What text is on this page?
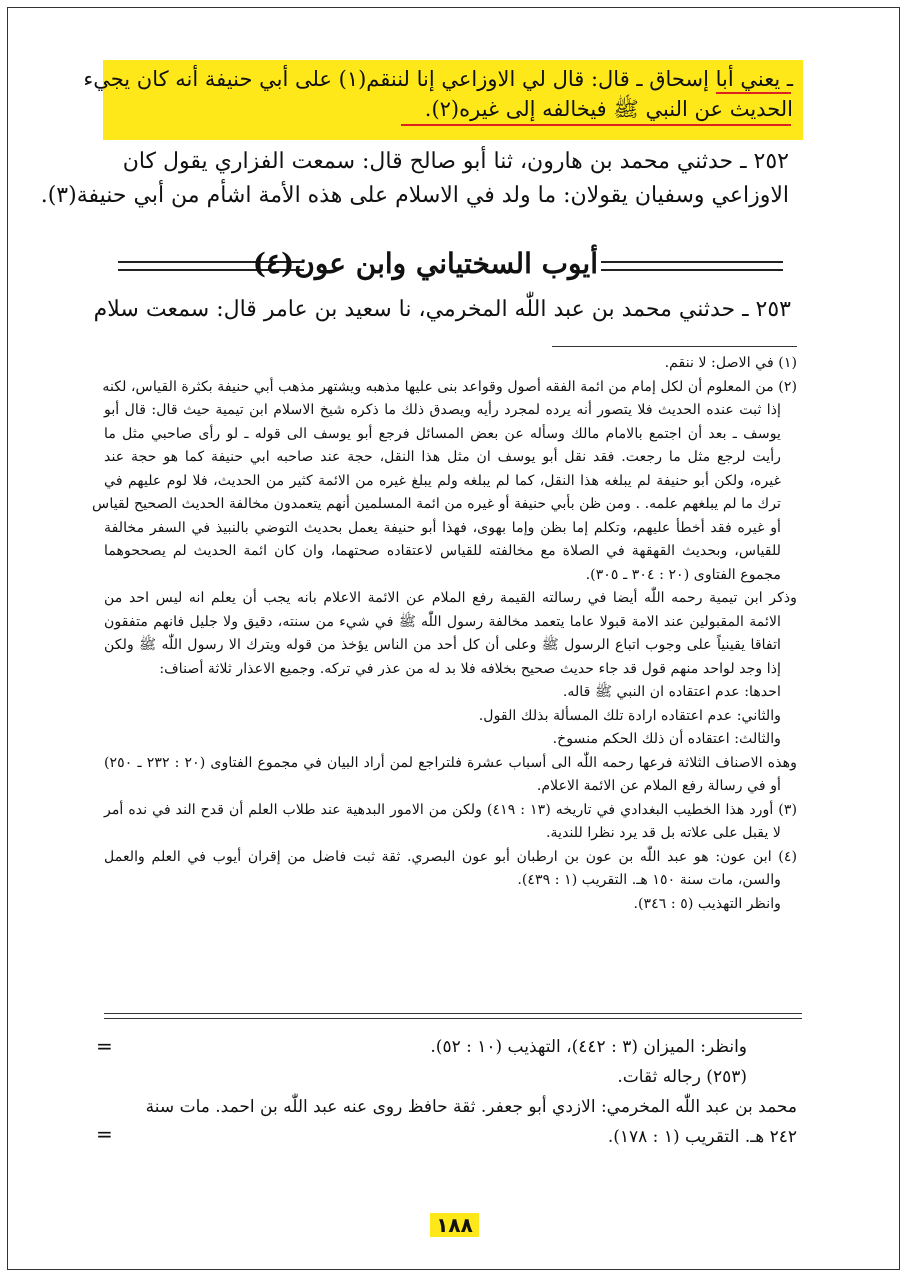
ـ يعني أبا إسحاق ـ قال: قال لي الاوزاعي إنا لننقم(١) على أبي حنيفة أنه كان يجيء
الحديث عن النبي ﷺ فيخالفه إلى غيره(٢).
٢٥٢ ـ حدثني محمد بن هارون، ثنا أبو صالح قال: سمعت الفزاري يقول كان
الاوزاعي وسفيان يقولان: ما ولد في الاسلام على هذه الأمة اشأم من أبي حنيفة(٣).
أيوب السختياني وابن عون(٤)
٢٥٣ ـ حدثني محمد بن عبد اللّٰه المخرمي، نا سعيد بن عامر قال: سمعت سلام
(١) في الاصل: لا ننقم.
(٢) من المعلوم أن لكل إمام من ائمة الفقه أصول وقواعد بنى عليها مذهبه ويشتهر مذهب أبي حنيفة بكثرة القياس، لكنه
إذا ثبت عنده الحديث فلا يتصور أنه يرده لمجرد رأيه ويصدق ذلك ما ذكره شيخ الاسلام ابن تيمية حيث قال: قال أبو
يوسف ـ بعد أن اجتمع بالامام مالك وسأله عن بعض المسائل فرجع أبو يوسف الى قوله ـ لو رأى صاحبي مثل ما
رأيت لرجع مثل ما رجعت. فقد نقل أبو يوسف ان مثل هذا النقل، حجة عند صاحبه ابي حنيفة كما هو حجة عند
غيره، ولكن أبو حنيفة لم يبلغه هذا النقل، كما لم يبلغه ولم يبلغ غيره من الائمة كثير من الحديث، فلا لوم عليهم في
ترك ما لم يبلغهم علمه. . ومن ظن بأبي حنيفة أو غيره من ائمة المسلمين أنهم يتعمدون مخالفة الحديث الصحيح لقياس
أو غيره فقد أخطأ عليهم، وتكلم إما بظن وإما بهوى، فهذا أبو حنيفة يعمل بحديث التوضي بالنبيذ في السفر مخالفة
للقياس، وبحديث القهقهة في الصلاة مع مخالفته للقياس لاعتقاده صحتهما، وان كان ائمة الحديث لم يصححوهما
مجموع الفتاوى (٢٠ : ٣٠٤ ـ ٣٠٥).
وذكر ابن تيمية رحمه اللّٰه أيضا في رسالته القيمة رفع الملام عن الائمة الاعلام بانه يجب أن يعلم انه ليس احد من
الائمة المقبولين عند الامة قبولا عاما يتعمد مخالفة رسول اللّٰه ﷺ في شيء من سنته، دقيق ولا جليل فانهم متفقون
اتفاقا يقينياً على وجوب اتباع الرسول ﷺ وعلى أن كل أحد من الناس يؤخذ من قوله ويترك الا رسول اللّٰه ﷺ ولكن
إذا وجد لواحد منهم قول قد جاء حديث صحيح بخلافه فلا بد له من عذر في تركه. وجميع الاعذار ثلاثة أصناف:
احدها: عدم اعتقاده ان النبي ﷺ قاله.
والثاني: عدم اعتقاده ارادة تلك المسألة بذلك القول.
والثالث: اعتقاده أن ذلك الحكم منسوخ.
وهذه الاصناف الثلاثة فرعها رحمه اللّٰه الى أسباب عشرة فلتراجع لمن أراد البيان في مجموع الفتاوى (٢٠ : ٢٣٢ ـ ٢٥٠)
أو في رسالة رفع الملام عن الائمة الاعلام.
(٣) أورد هذا الخطيب البغدادي في تاريخه (١٣ : ٤١٩) ولكن من الامور البدهية عند طلاب العلم أن قدح الند في نده أمر
لا يقبل على علاته بل قد يرد نظرا للندية.
(٤) ابن عون: هو عبد اللّٰه بن عون بن ارطبان أبو عون البصري. ثقة ثبت فاضل من إقران أيوب في العلم والعمل
والسن، مات سنة ١٥٠ هـ. التقريب (١ : ٤٣٩).
وانظر التهذيب (٥ : ٣٤٦).
وانظر: الميزان (٣ : ٤٤٢)، التهذيب (١٠ : ٥٢).
(٢٥٣) رجاله ثقات.
محمد بن عبد اللّٰه المخرمي: الازدي أبو جعفر. ثقة حافظ روى عنه عبد اللّٰه بن احمد. مات سنة
٢٤٢ هـ. التقريب (١ : ١٧٨).
=
=
١٨٨
